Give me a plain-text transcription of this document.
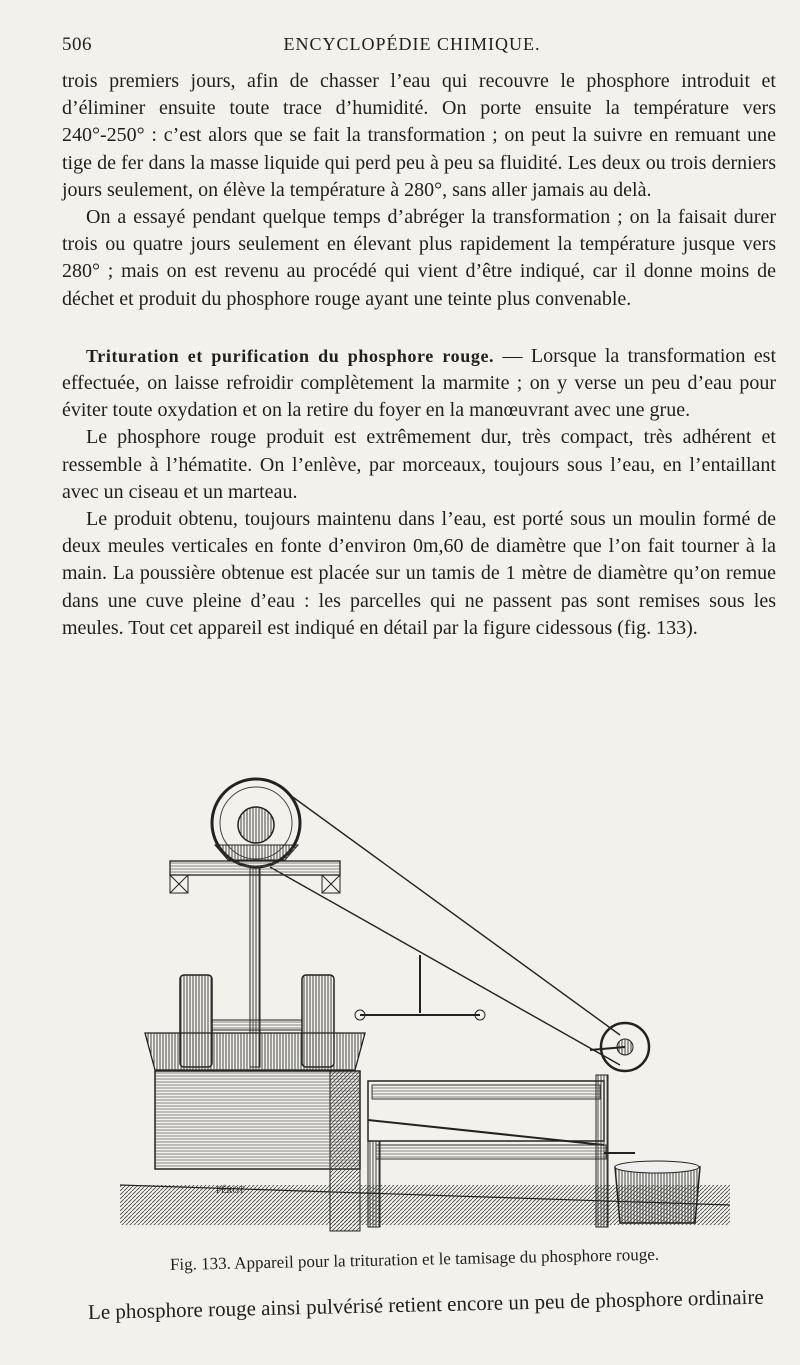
506	ENCYCLOPÉDIE CHIMIQUE.

trois premiers jours, afin de chasser l’eau qui recouvre le phosphore introduit et d’éliminer ensuite toute trace d’humidité. On porte ensuite la température vers 240°-250° : c’est alors que se fait la transformation ; on peut la suivre en remuant une tige de fer dans la masse liquide qui perd peu à peu sa fluidité. Les deux ou trois derniers jours seulement, on élève la température à 280°, sans aller jamais au delà.

On a essayé pendant quelque temps d’abréger la transformation ; on la faisait durer trois ou quatre jours seulement en élevant plus rapidement la température jusque vers 280° ; mais on est revenu au procédé qui vient d’être indiqué, car il donne moins de déchet et produit du phosphore rouge ayant une teinte plus convenable.

Trituration et purification du phosphore rouge. — Lorsque la transformation est effectuée, on laisse refroidir complètement la marmite ; on y verse un peu d’eau pour éviter toute oxydation et on la retire du foyer en la manœuvrant avec une grue.

Le phosphore rouge produit est extrêmement dur, très compact, très adhérent et ressemble à l’hématite. On l’enlève, par morceaux, toujours sous l’eau, en l’entaillant avec un ciseau et un marteau.

Le produit obtenu, toujours maintenu dans l’eau, est porté sous un moulin formé de deux meules verticales en fonte d’environ 0m,60 de diamètre que l’on fait tourner à la main. La poussière obtenue est placée sur un tamis de 1 mètre de diamètre qu’on remue dans une cuve pleine d’eau : les parcelles qui ne passent pas sont remises sous les meules. Tout cet appareil est indiqué en détail par la figure cidessous (fig. 133).

PÉROT
Fig. 133. Appareil pour la trituration et le tamisage du phosphore rouge.
Le phosphore rouge ainsi pulvérisé retient encore un peu de phosphore ordinaire
